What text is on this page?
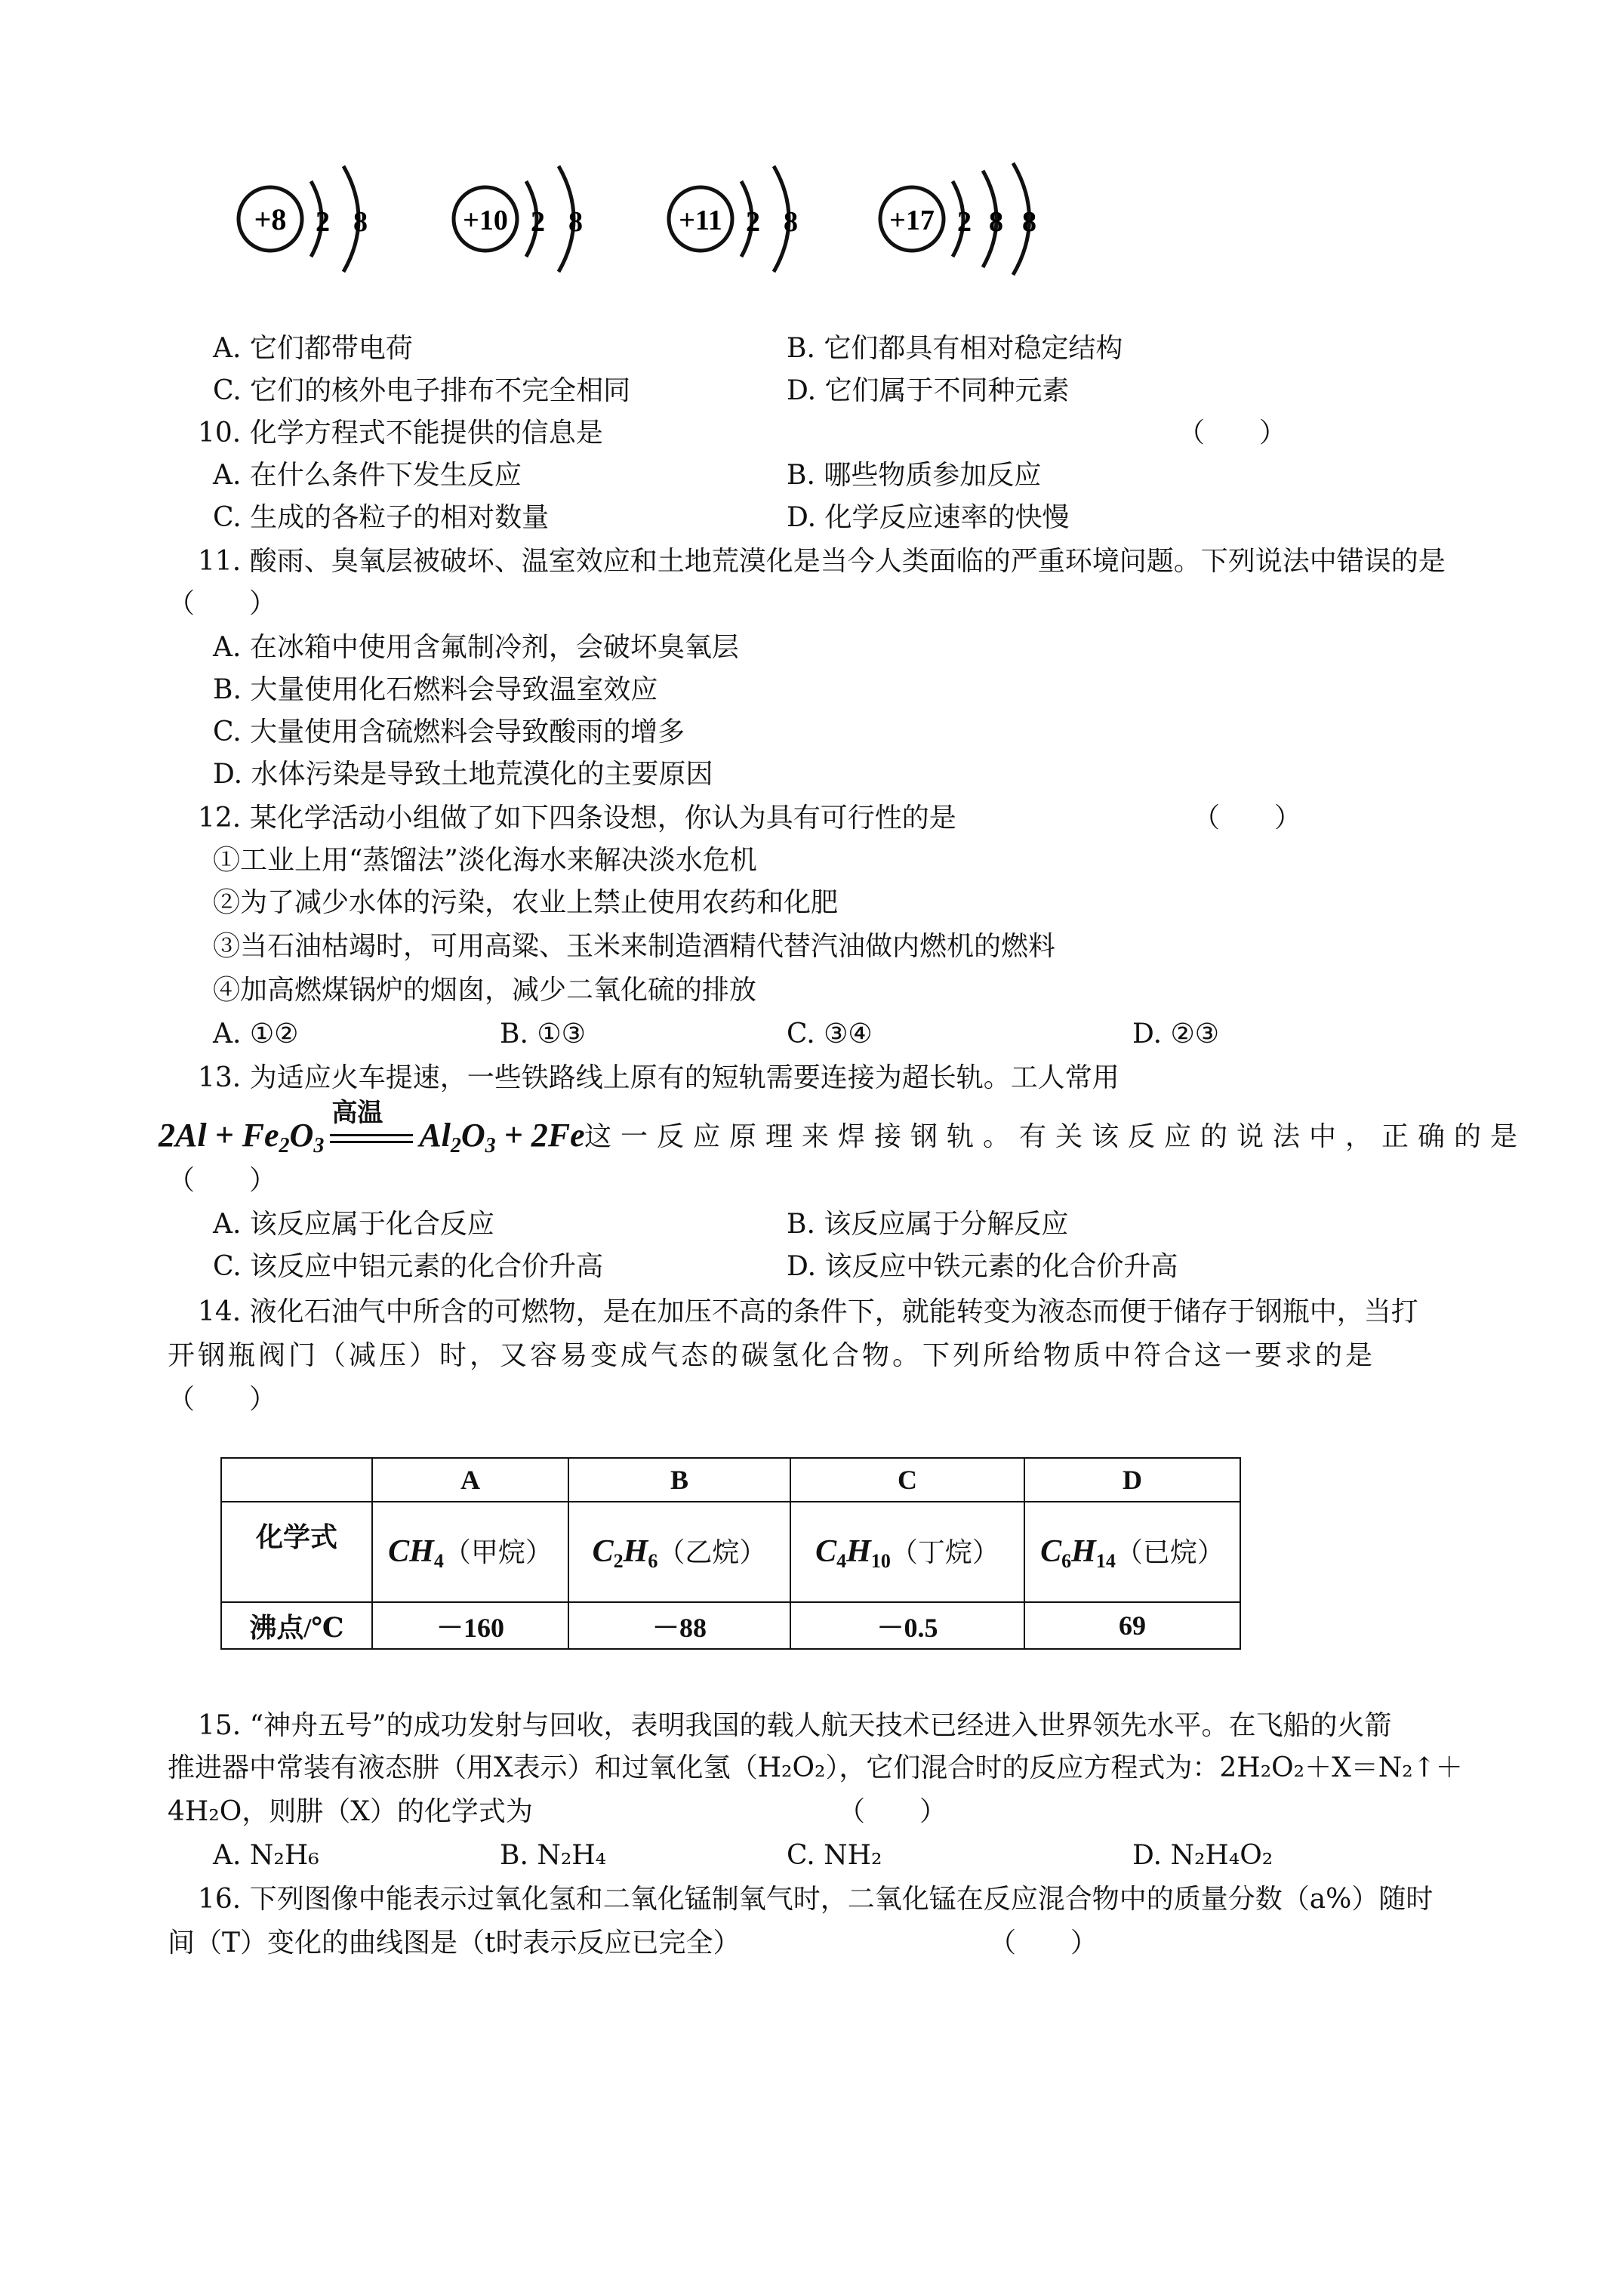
+8 2 8	+10 2 8	+11 2 8	+17 2 8 8
A. 它们都带电荷	B. 它们都具有相对稳定结构
C. 它们的核外电子排布不完全相同	D. 它们属于不同种元素
10. 化学方程式不能提供的信息是	（　　）
A. 在什么条件下发生反应	B. 哪些物质参加反应
C. 生成的各粒子的相对数量	D. 化学反应速率的快慢
11. 酸雨、臭氧层被破坏、温室效应和土地荒漠化是当今人类面临的严重环境问题。下列说法中错误的是
（　　）
A. 在冰箱中使用含氟制冷剂，会破坏臭氧层
B. 大量使用化石燃料会导致温室效应
C. 大量使用含硫燃料会导致酸雨的增多
D. 水体污染是导致土地荒漠化的主要原因
12. 某化学活动小组做了如下四条设想，你认为具有可行性的是	（　　）
①工业上用“蒸馏法”淡化海水来解决淡水危机
②为了减少水体的污染，农业上禁止使用农药和化肥
③当石油枯竭时，可用高粱、玉米来制造酒精代替汽油做内燃机的燃料
④加高燃煤锅炉的烟囱，减少二氧化硫的排放
A. ①②	B. ①③	C. ③④	D. ②③
13. 为适应火车提速，一些铁路线上原有的短轨需要连接为超长轨。工人常用
$2Al + Fe_2O_3$
高温
$Al_2O_3 + 2Fe$ 这一反应原理来焊接钢轨。有关该反应的说法中，正确的是
（　　）
A. 该反应属于化合反应	B. 该反应属于分解反应
C. 该反应中铝元素的化合价升高	D. 该反应中铁元素的化合价升高
14. 液化石油气中所含的可燃物，是在加压不高的条件下，就能转变为液态而便于储存于钢瓶中，当打
开钢瓶阀门（减压）时，又容易变成气态的碳氢化合物。下列所给物质中符合这一要求的是
（　　）
	A	B	C	D
化学式	$CH_4$（甲烷）	$C_2H_6$（乙烷）	$C_4H_{10}$（丁烷）	$C_6H_{14}$（已烷）
沸点/℃	－160	－88	－0.5	69
15. “神舟五号”的成功发射与回收，表明我国的载人航天技术已经进入世界领先水平。在飞船的火箭
推进器中常装有液态肼（用X表示）和过氧化氢（H₂O₂），它们混合时的反应方程式为：2H₂O₂＋X＝N₂↑＋
4H₂O，则肼（X）的化学式为	（　　）
A. N₂H₆	B. N₂H₄	C. NH₂	D. N₂H₄O₂
16. 下列图像中能表示过氧化氢和二氧化锰制氧气时，二氧化锰在反应混合物中的质量分数（a%）随时
间（T）变化的曲线图是（t时表示反应已完全）	（　　）
